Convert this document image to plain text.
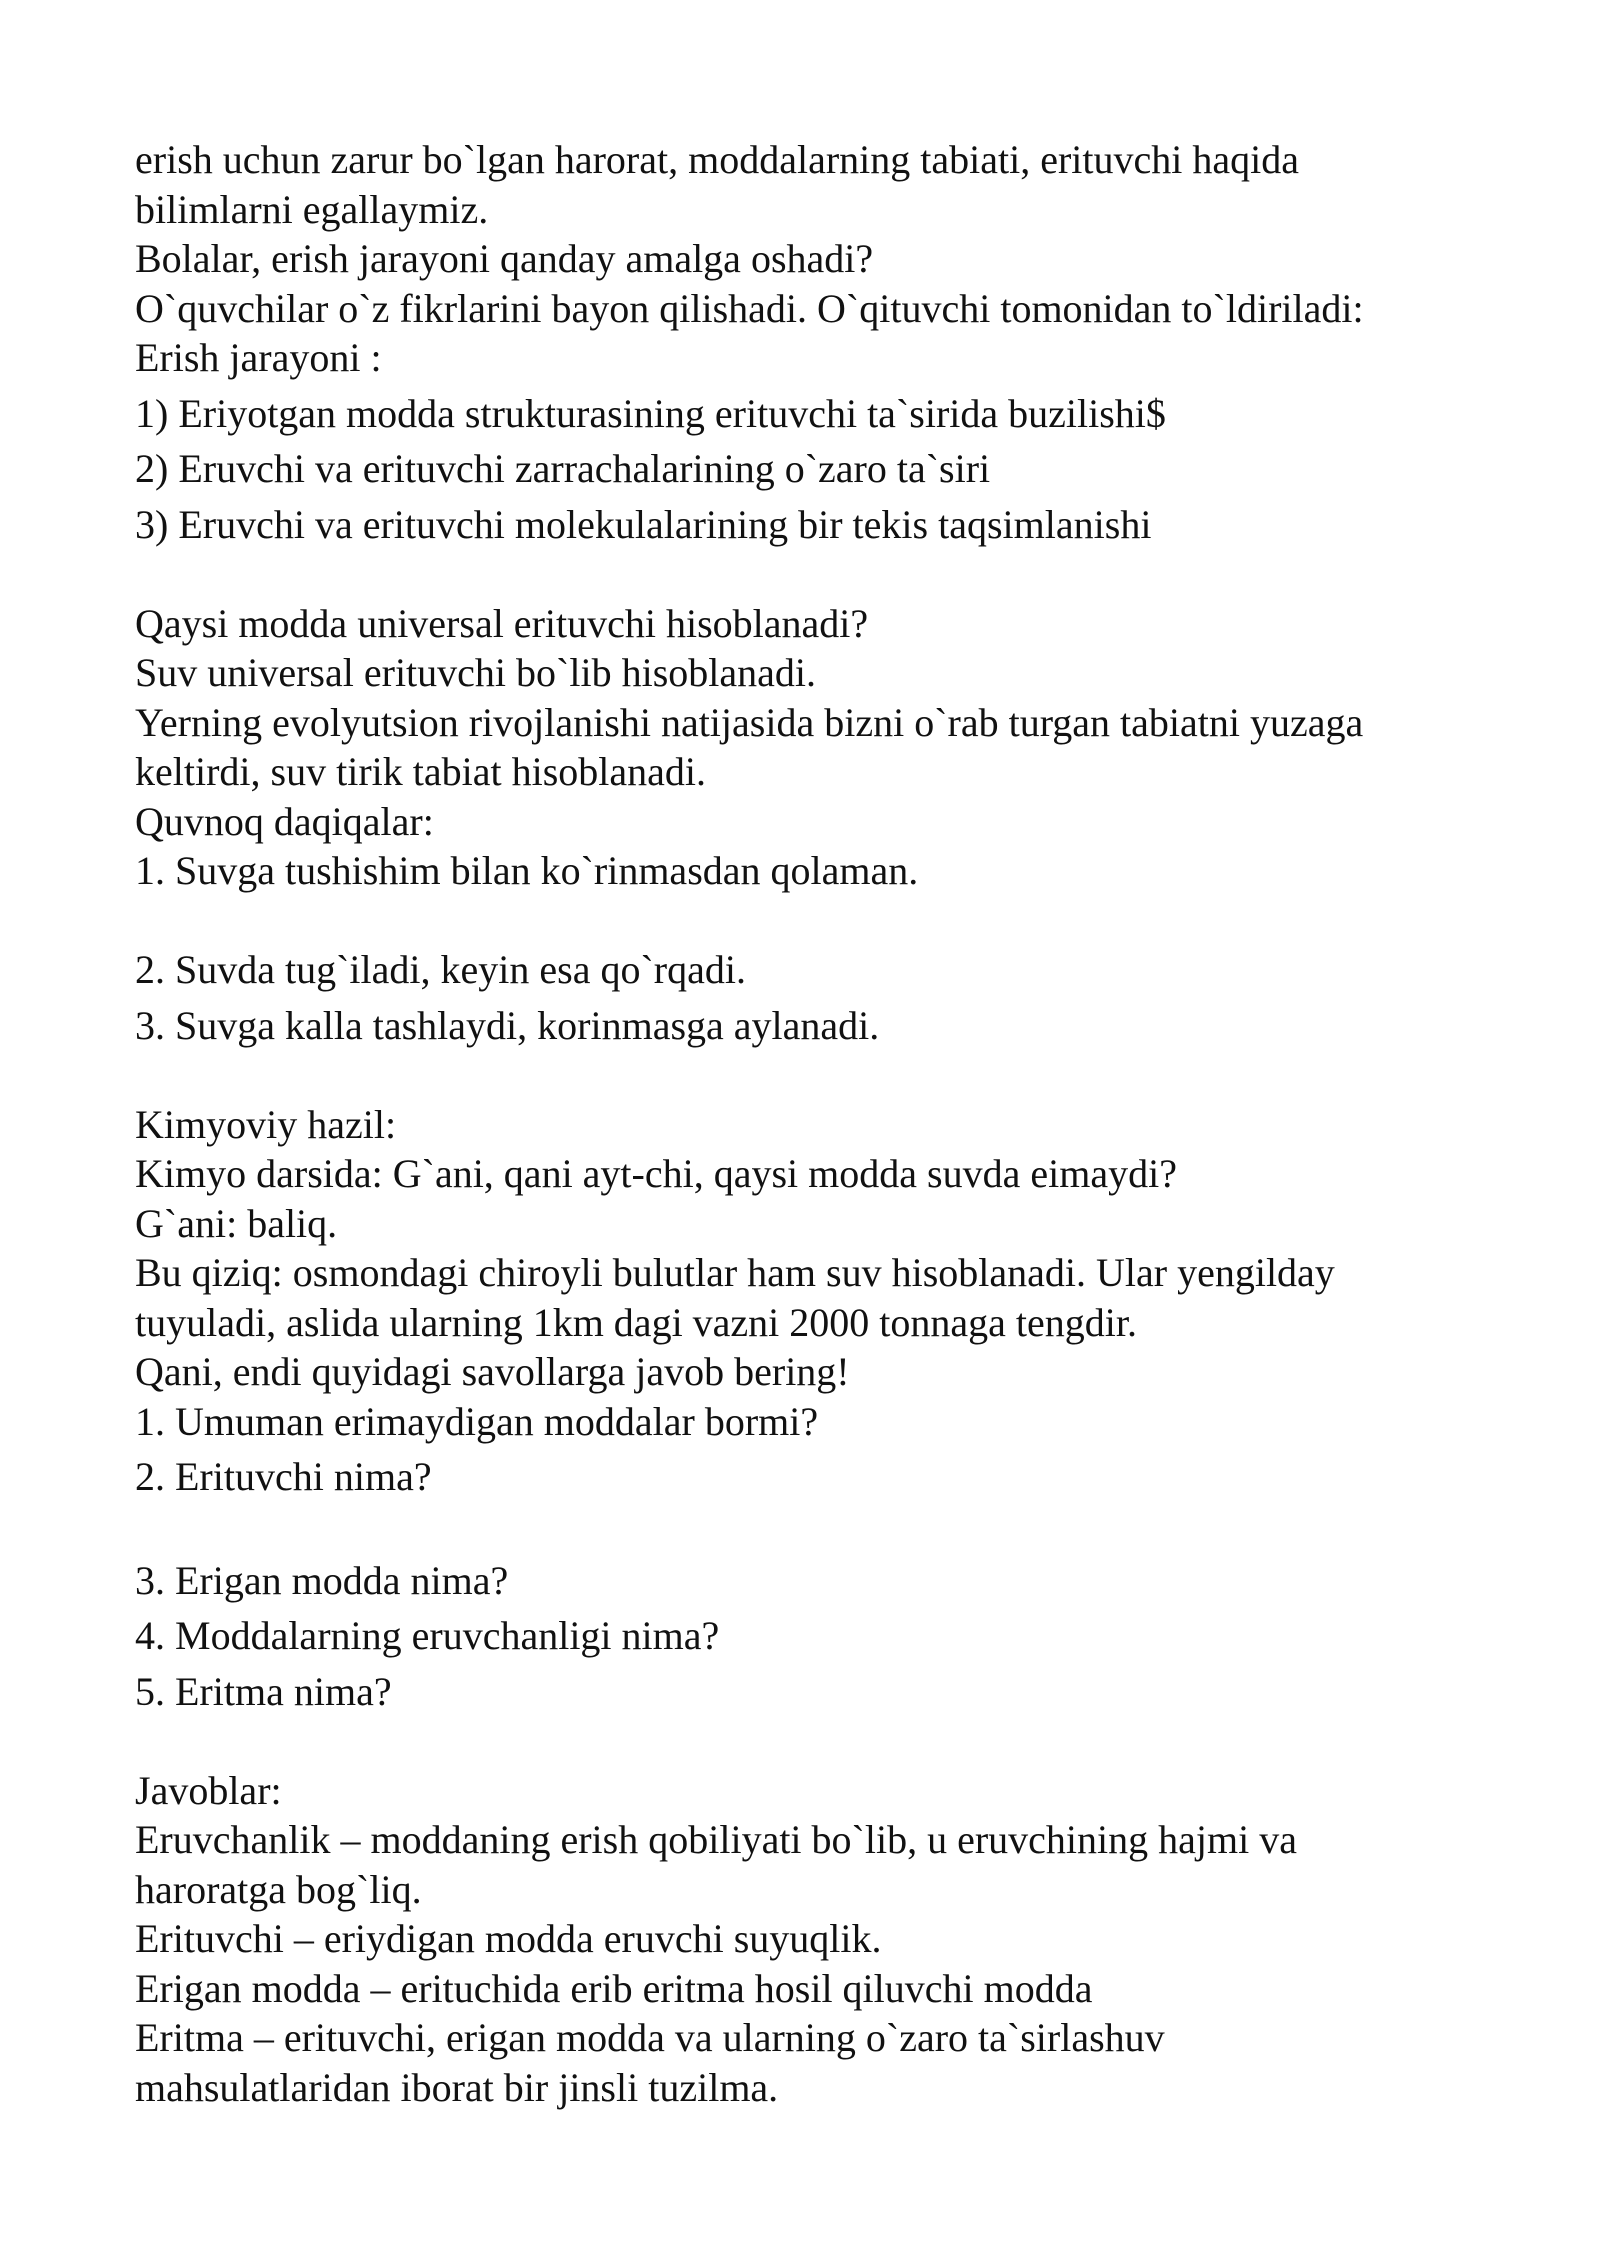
erish uchun zarur bo`lgan harorat, moddalarning tabiati, erituvchi haqida
bilimlarni egallaymiz.
Bolalar, erish jarayoni qanday amalga oshadi?
O`quvchilar o`z fikrlarini bayon qilishadi. O`qituvchi tomonidan to`ldiriladi:
Erish jarayoni :
1) Eriyotgan modda strukturasining erituvchi ta`sirida buzilishi$
2) Eruvchi va erituvchi zarrachalarining o`zaro ta`siri
3) Eruvchi va erituvchi molekulalarining bir tekis taqsimlanishi
Qaysi modda universal erituvchi hisoblanadi?
Suv universal erituvchi bo`lib hisoblanadi.
Yerning evolyutsion rivojlanishi natijasida bizni o`rab turgan tabiatni yuzaga
keltirdi, suv tirik tabiat hisoblanadi.
Quvnoq daqiqalar:
1. Suvga tushishim bilan ko`rinmasdan qolaman.
2. Suvda tug`iladi, keyin esa qo`rqadi.
3. Suvga kalla tashlaydi, korinmasga aylanadi.
Kimyoviy hazil:
Kimyo darsida: G`ani, qani ayt-chi, qaysi modda suvda eimaydi?
G`ani: baliq.
Bu qiziq: osmondagi chiroyli bulutlar ham suv hisoblanadi. Ular yengilday
tuyuladi, aslida ularning 1km dagi vazni 2000 tonnaga tengdir.
Qani, endi quyidagi savollarga javob bering!
1. Umuman erimaydigan moddalar bormi?
2. Erituvchi nima?
3. Erigan modda nima?
4. Moddalarning eruvchanligi nima?
5. Eritma nima?
Javoblar:
Eruvchanlik – moddaning erish qobiliyati bo`lib, u eruvchining hajmi va
haroratga bog`liq.
Erituvchi – eriydigan modda eruvchi suyuqlik.
Erigan modda – erituchida erib eritma hosil qiluvchi modda
Eritma – erituvchi, erigan modda va ularning o`zaro ta`sirlashuv
mahsulatlaridan iborat bir jinsli tuzilma.
